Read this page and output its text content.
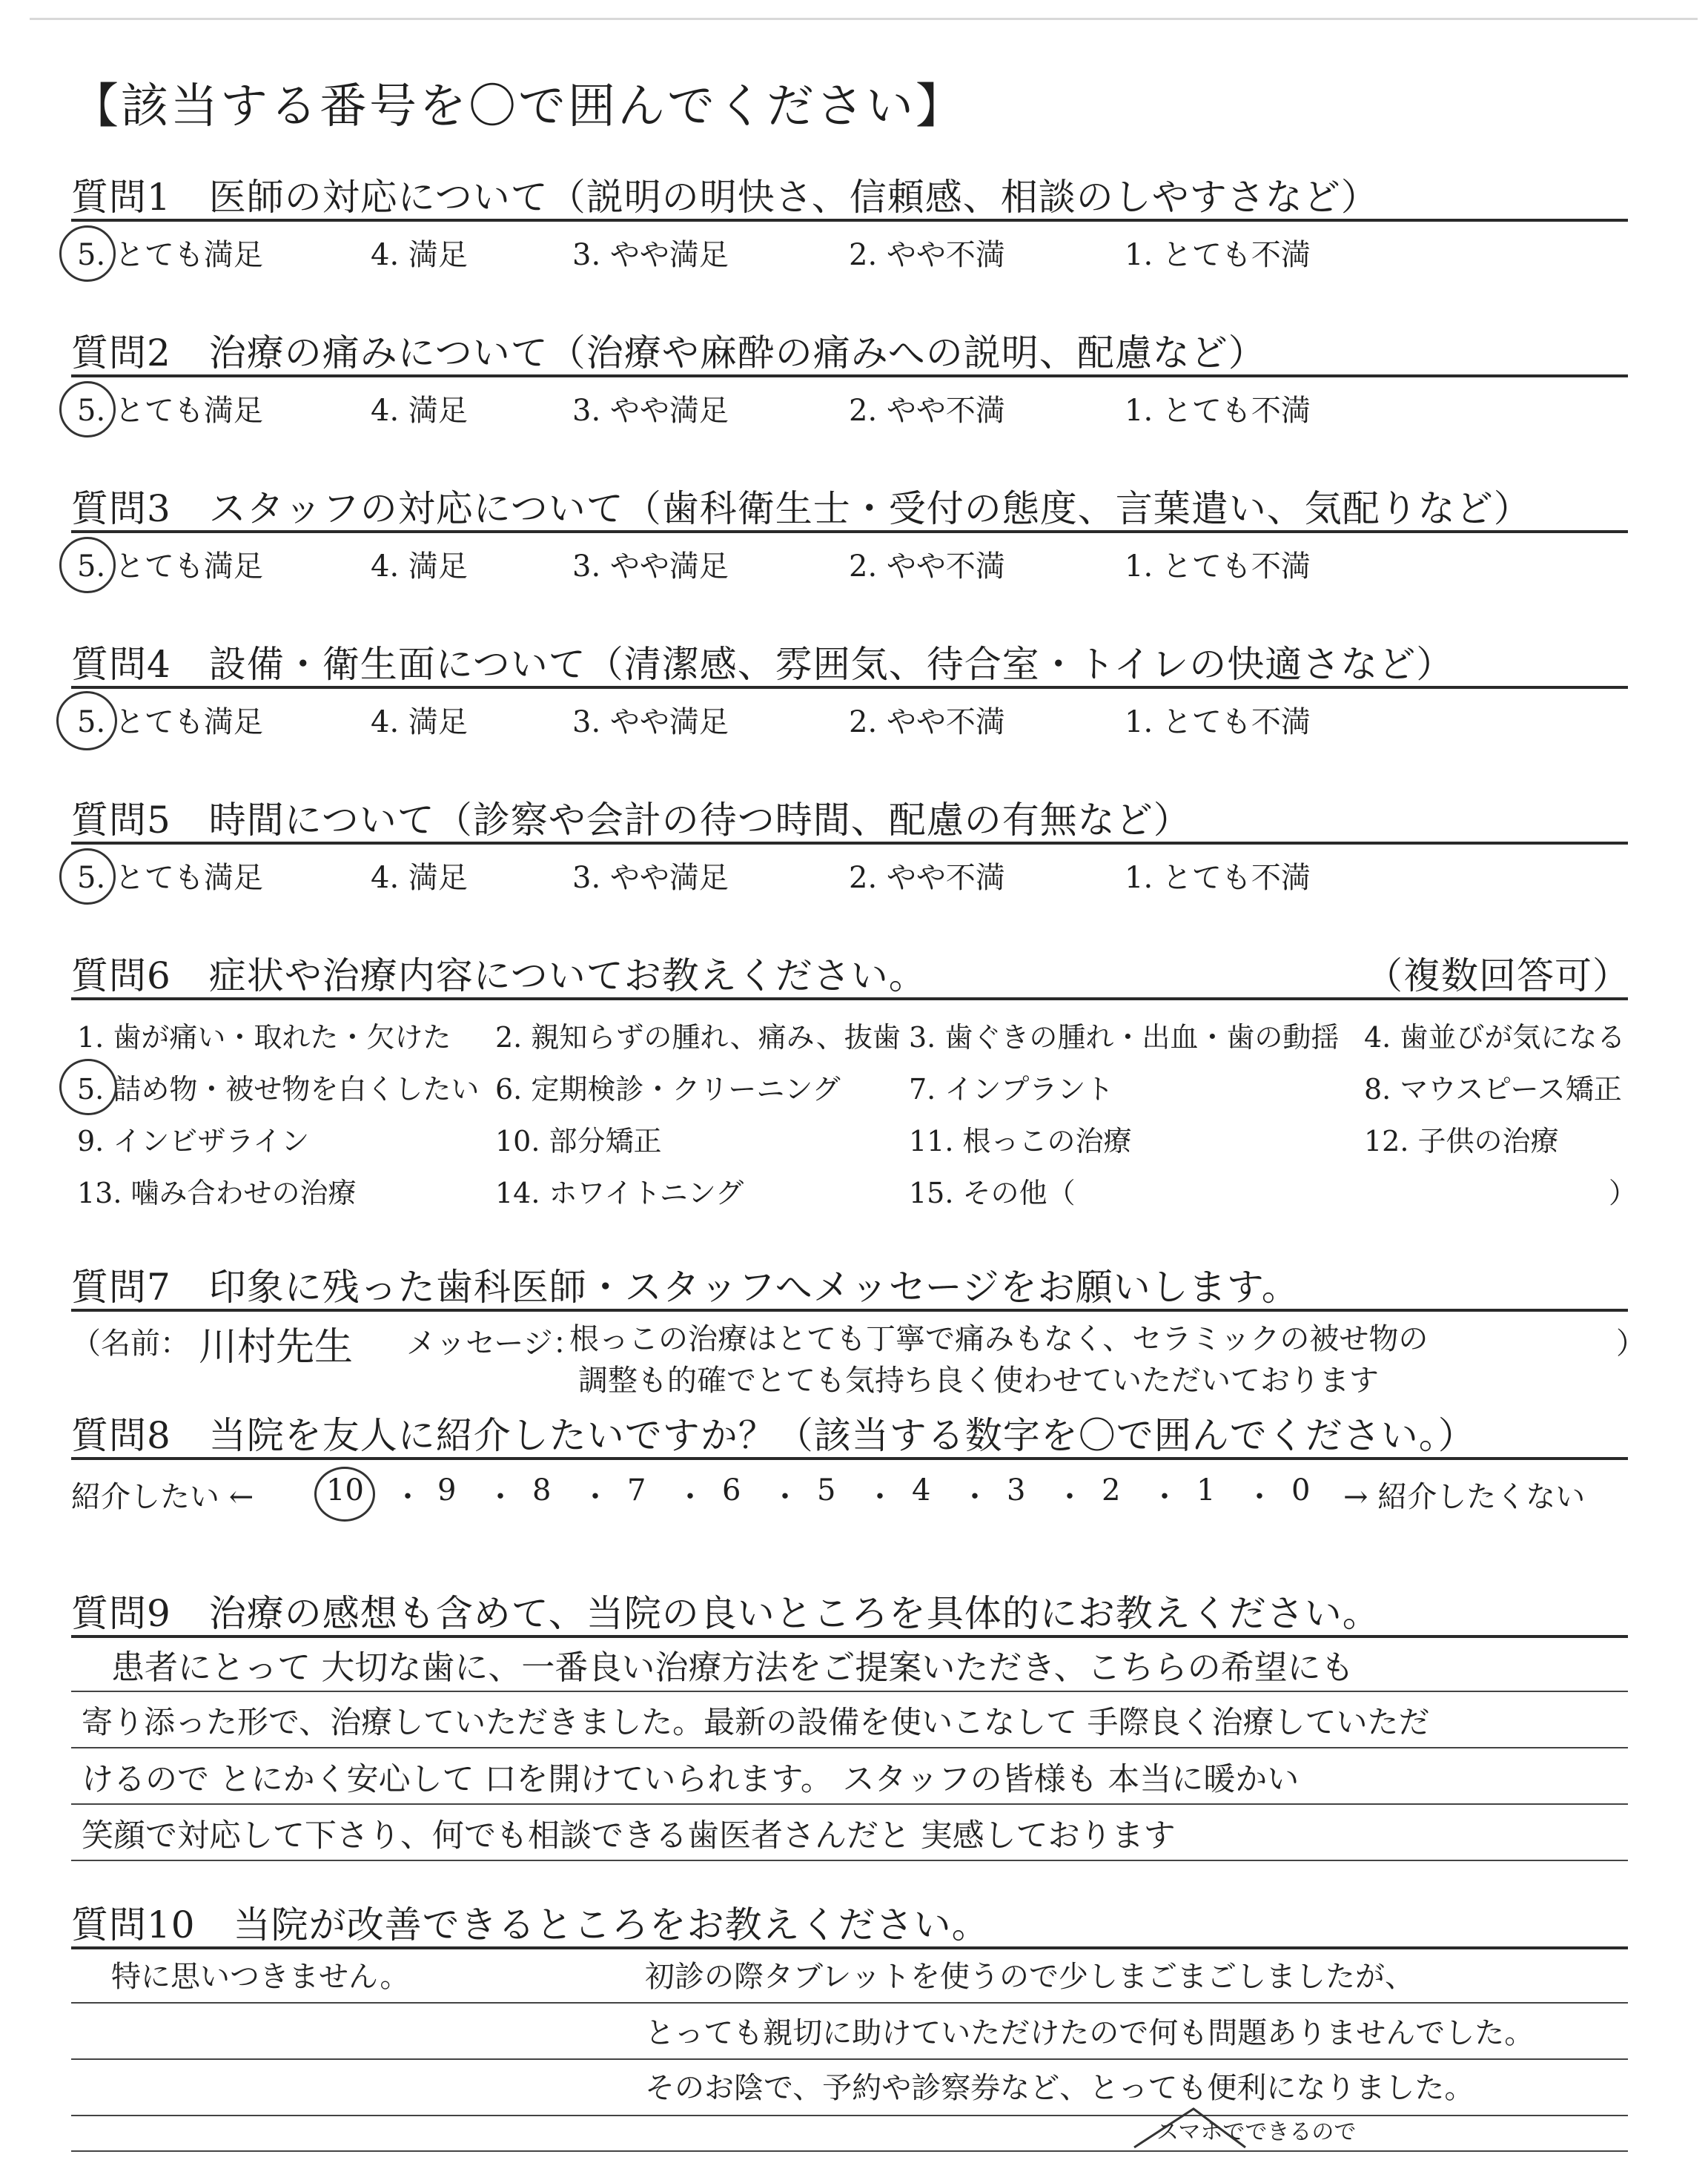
【該当する番号を〇で囲んでください】
質問1　医師の対応について（説明の明快さ、信頼感、相談のしやすさなど）
5. とても満足	4. 満足	3. やや満足	2. やや不満	1. とても不満
質問2　治療の痛みについて（治療や麻酔の痛みへの説明、配慮など）
5. とても満足	4. 満足	3. やや満足	2. やや不満	1. とても不満
質問3　スタッフの対応について（歯科衛生士・受付の態度、言葉遣い、気配りなど）
5. とても満足	4. 満足	3. やや満足	2. やや不満	1. とても不満
質問4　設備・衛生面について（清潔感、雰囲気、待合室・トイレの快適さなど）
5. とても満足	4. 満足	3. やや満足	2. やや不満	1. とても不満
質問5　時間について（診察や会計の待つ時間、配慮の有無など）
5. とても満足	4. 満足	3. やや満足	2. やや不満	1. とても不満
質問6　症状や治療内容についてお教えください。	（複数回答可）
1. 歯が痛い・取れた・欠けた 2. 親知らずの腫れ、痛み、抜歯 3. 歯ぐきの腫れ・出血・歯の動揺 4. 歯並びが気になる
5. 詰め物・被せ物を白くしたい 6. 定期検診・クリーニング 7. インプラント	8. マウスピース矯正
9. インビザライン	10. 部分矯正	11. 根っこの治療	12. 子供の治療
13. 噛み合わせの治療	14. ホワイトニング	15. その他（	）
質問7　印象に残った歯科医師・スタッフへメッセージをお願いします。
（名前： 川村先生 メッセージ：
根っこの治療はとても丁寧で痛みもなく、セラミックの被せ物の	）
調整も的確でとても気持ち良く使わせていただいております
質問8　当院を友人に紹介したいですか？（該当する数字を〇で囲んでください。）
紹介したい ← 10 ・ 9 ・ 8 ・ 7 ・ 6 ・ 5 ・ 4 ・ 3 ・ 2 ・ 1 ・ 0 → 紹介したくない
質問9　治療の感想も含めて、当院の良いところを具体的にお教えください。
患者にとって 大切な歯に、一番良い治療方法をご提案いただき、こちらの希望にも
寄り添った形で、治療していただきました。最新の設備を使いこなして 手際良く治療していただ
けるので とにかく安心して 口を開けていられます。 スタッフの皆様も 本当に暖かい
笑顔で対応して下さり、何でも相談できる歯医者さんだと 実感しております
質問10　当院が改善できるところをお教えください。
特に思いつきません。	初診の際タブレットを使うので少しまごまごしましたが、
とっても親切に助けていただけたので何も問題ありませんでした。
そのお陰で、予約や診察券など、とっても便利になりました。
スマホでできるので
